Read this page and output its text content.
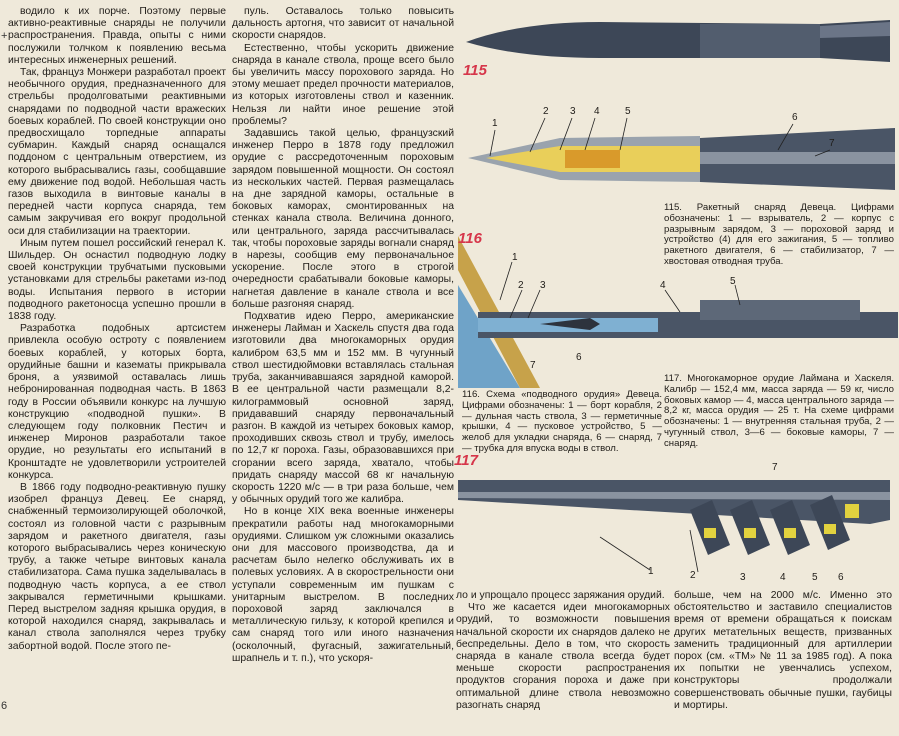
+
6

водило к их порче. Поэтому первые активно-реактивные снаряды не получили распространения. Правда, опыты с ними послужили толчком к появлению весьма интересных инженерных решений.

Так, француз Монжери разработал проект необычного орудия, предназначенного для стрельбы продолговатыми реактивными снарядами по подводной части вражеских боевых кораблей. По своей конструкции оно предвосхищало торпедные аппараты субмарин. Каждый снаряд оснащался поддоном с центральным отверстием, из которого выбрасывались газы, сообщавшие ему движение под водой. Небольшая часть газов выходила в винтовые каналы в передней части корпуса снаряда, тем самым закручивая его вокруг продольной оси для стабилизации на траектории.

Иным путем пошел российский генерал К. Шильдер. Он оснастил подводную лодку своей конструкции трубчатыми пусковыми установками для стрельбы ракетами из-под воды. Испытания первого в истории подводного ракетоносца успешно прошли в 1838 году.

Разработка подобных артсистем привлекла особую остроту с появлением боевых кораблей, у которых борта, орудийные башни и казематы прикрывала броня, а уязвимой оставалась лишь небронированная подводная часть. В 1863 году в России объявили конкурс на лучшую конструкцию «подводной пушки». В следующем году полковник Пестич и инженер Миронов разработали такое орудие, но результаты его испытаний в Кронштадте не удовлетворили устроителей конкурса.

В 1866 году подводно-реактивную пушку изобрел француз Девец. Ее снаряд, снабженный термоизолирующей оболочкой, состоял из головной части с разрывным зарядом и ракетного двигателя, газы которого выбрасывались через коническую трубу, а также четыре винтовых канала стабилизатора. Сама пушка заделывалась в подводную часть корпуса, а ее ствол закрывался герметичными крышками. Перед выстрелом задняя крышка орудия, в которой находился снаряд, закрывалась и канал ствола заполнялся через трубку забортной водой. После этого пе-

пуль. Оставалось только повысить дальность артогня, что зависит от начальной скорости снарядов.

Естественно, чтобы ускорить движение снаряда в канале ствола, проще всего было бы увеличить массу порохового заряда. Но этому мешает предел прочности материалов, из которых изготовлены ствол и казенник. Нельзя ли найти иное решение этой проблемы?

Задавшись такой целью, французский инженер Перро в 1878 году предложил орудие с рассредоточенным пороховым зарядом повышенной мощности. Он состоял из нескольких частей. Первая размещалась на дне зарядной каморы, остальные в боковых каморах, смонтированных на стенках канала ствола. Величина донного, или центрального, заряда рассчитывалась так, чтобы пороховые заряды вогнали снаряд в нарезы, сообщив ему первоначальное ускорение. После этого в строгой очередности срабатывали боковые каморы, нагнетая давление в канале ствола и все больше разгоняя снаряд.

Подхватив идею Перро, американские инженеры Лайман и Хаскель спустя два года изготовили два многокаморных орудия калибром 63,5 мм и 152 мм. В чугунный ствол шестидюймовки вставлялась стальная труба, заканчивавшаяся зарядной каморой. В ее центральной части размещали 8,2-килограммовый основной заряд, придававший снаряду первоначальный разгон. В каждой из четырех боковых камор, проходивших сквозь ствол и трубу, имелось по 12,7 кг пороха. Газы, образовавшихся при сгорании всего заряда, хватало, чтобы придать снаряду массой 68 кг начальную скорость 1220 м/с — в три раза больше, чем у обычных орудий того же калибра.

Но в конце XIX века военные инженеры прекратили работы над многокаморными орудиями. Слишком уж сложными оказались они для массового производства, да и расчетам было нелегко обслуживать их в полевых условиях. А в скорострельности они уступали современным им пушкам с унитарным выстрелом. В последних пороховой заряд заключался в металлическую гильзу, к которой крепился и сам снаряд того или иного назначения (осколочный, фугасный, зажигательный, шрапнель и т. п.), что ускоря-

115
116
117
1
2 3 4	5
6
7
1
2 3	4	5
6
7
1	2	3	4	5 6
7
115. Ракетный снаряд Девеца. Цифрами обозначены: 1 — взрыватель, 2 — корпус с разрывным зарядом, 3 — пороховой заряд и устройство (4) для его зажигания, 5 — топливо ракетного двигателя, 6 — стабилизатор, 7 — хвостовая отводная труба.
116. Схема «подводного орудия» Девеца. Цифрами обозначены: 1 — борт корабля, 2 — дульная часть ствола, 3 — герметичные крышки, 4 — пусковое устройство, 5 — желоб для укладки снаряда, 6 — снаряд, 7 — трубка для впуска воды в ствол.
117. Многокаморное орудие Лаймана и Хаскеля. Калибр — 152,4 мм, масса заряда — 59 кг, число боковых камор — 4, масса центрального заряда — 8,2 кг, масса орудия — 25 т. На схеме цифрами обозначены: 1 — внутренняя стальная труба, 2 — чугунный ствол, 3—6 — боковые каморы, 7 — снаряд.

ло и упрощало процесс заряжания орудий.

Что же касается идеи многокаморных орудий, то возможности повышения начальной скорости их снарядов далеко не беспредельны. Дело в том, что скорость снаряда в канале ствола всегда будет меньше скорости распространения продуктов сгорания пороха и даже при оптимальной длине ствола невозможно разогнать снаряд

больше, чем на 2000 м/с. Именно это обстоятельство и заставило специалистов время от времени обращаться к поискам других метательных веществ, призванных заменить традиционный для артиллерии порох (см. «ТМ» № 11 за 1985 год). А пока их попытки не увенчались успехом, конструкторы продолжали совершенствовать обычные пушки, гаубицы и мортиры.
